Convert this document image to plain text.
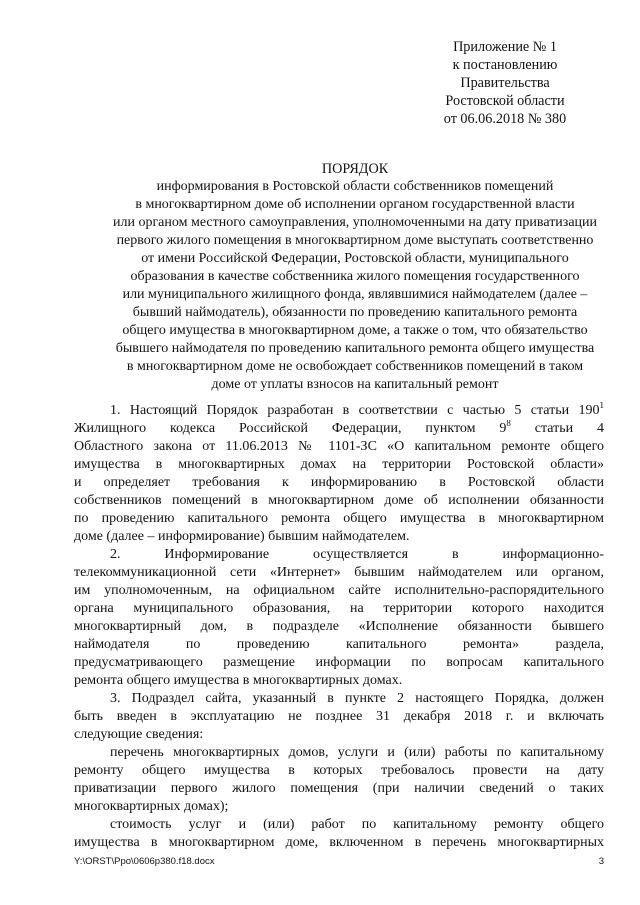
Приложение № 1
к постановлению
Правительства
Ростовской области
от 06.06.2018 № 380
ПОРЯДОК
информирования в Ростовской области собственников помещений
в многоквартирном доме об исполнении органом государственной власти
или органом местного самоуправления, уполномоченными на дату приватизации
первого жилого помещения в многоквартирном доме выступать соответственно
от имени Российской Федерации, Ростовской области, муниципального
образования в качестве собственника жилого помещения государственного
или муниципального жилищного фонда, являвшимися наймодателем (далее –
бывший наймодатель), обязанности по проведению капитального ремонта
общего имущества в многоквартирном доме, а также о том, что обязательство
бывшего наймодателя по проведению капитального ремонта общего имущества
в многоквартирном доме не освобождает собственников помещений в таком
доме от уплаты взносов на капитальный ремонт
1. Настоящий Порядок разработан в соответствии с частью 5 статьи $190^1$
Жилищного кодекса Российской Федерации, пунктом $9^8$ статьи 4
Областного закона от 11.06.2013 № 1101-ЗС «О капитальном ремонте общего
имущества в многоквартирных домах на территории Ростовской области»
и определяет требования к информированию в Ростовской области
собственников помещений в многоквартирном доме об исполнении обязанности
по проведению капитального ремонта общего имущества в многоквартирном
доме (далее – информирование) бывшим наймодателем.
2. Информирование осуществляется в информационно-
телекоммуникационной сети «Интернет» бывшим наймодателем или органом,
им уполномоченным, на официальном сайте исполнительно-распорядительного
органа муниципального образования, на территории которого находится
многоквартирный дом, в подразделе «Исполнение обязанности бывшего
наймодателя по проведению капитального ремонта» раздела,
предусматривающего размещение информации по вопросам капитального
ремонта общего имущества в многоквартирных домах.
3. Подраздел сайта, указанный в пункте 2 настоящего Порядка, должен
быть введен в эксплуатацию не позднее 31 декабря 2018 г. и включать
следующие сведения:
перечень многоквартирных домов, услуги и (или) работы по капитальному
ремонту общего имущества в которых требовалось провести на дату
приватизации первого жилого помещения (при наличии сведений о таких
многоквартирных домах);
стоимость услуг и (или) работ по капитальному ремонту общего
имущества в многоквартирном доме, включенном в перечень многоквартирных
Y:\ORST\Ppo\0606p380.f18.docx	3
